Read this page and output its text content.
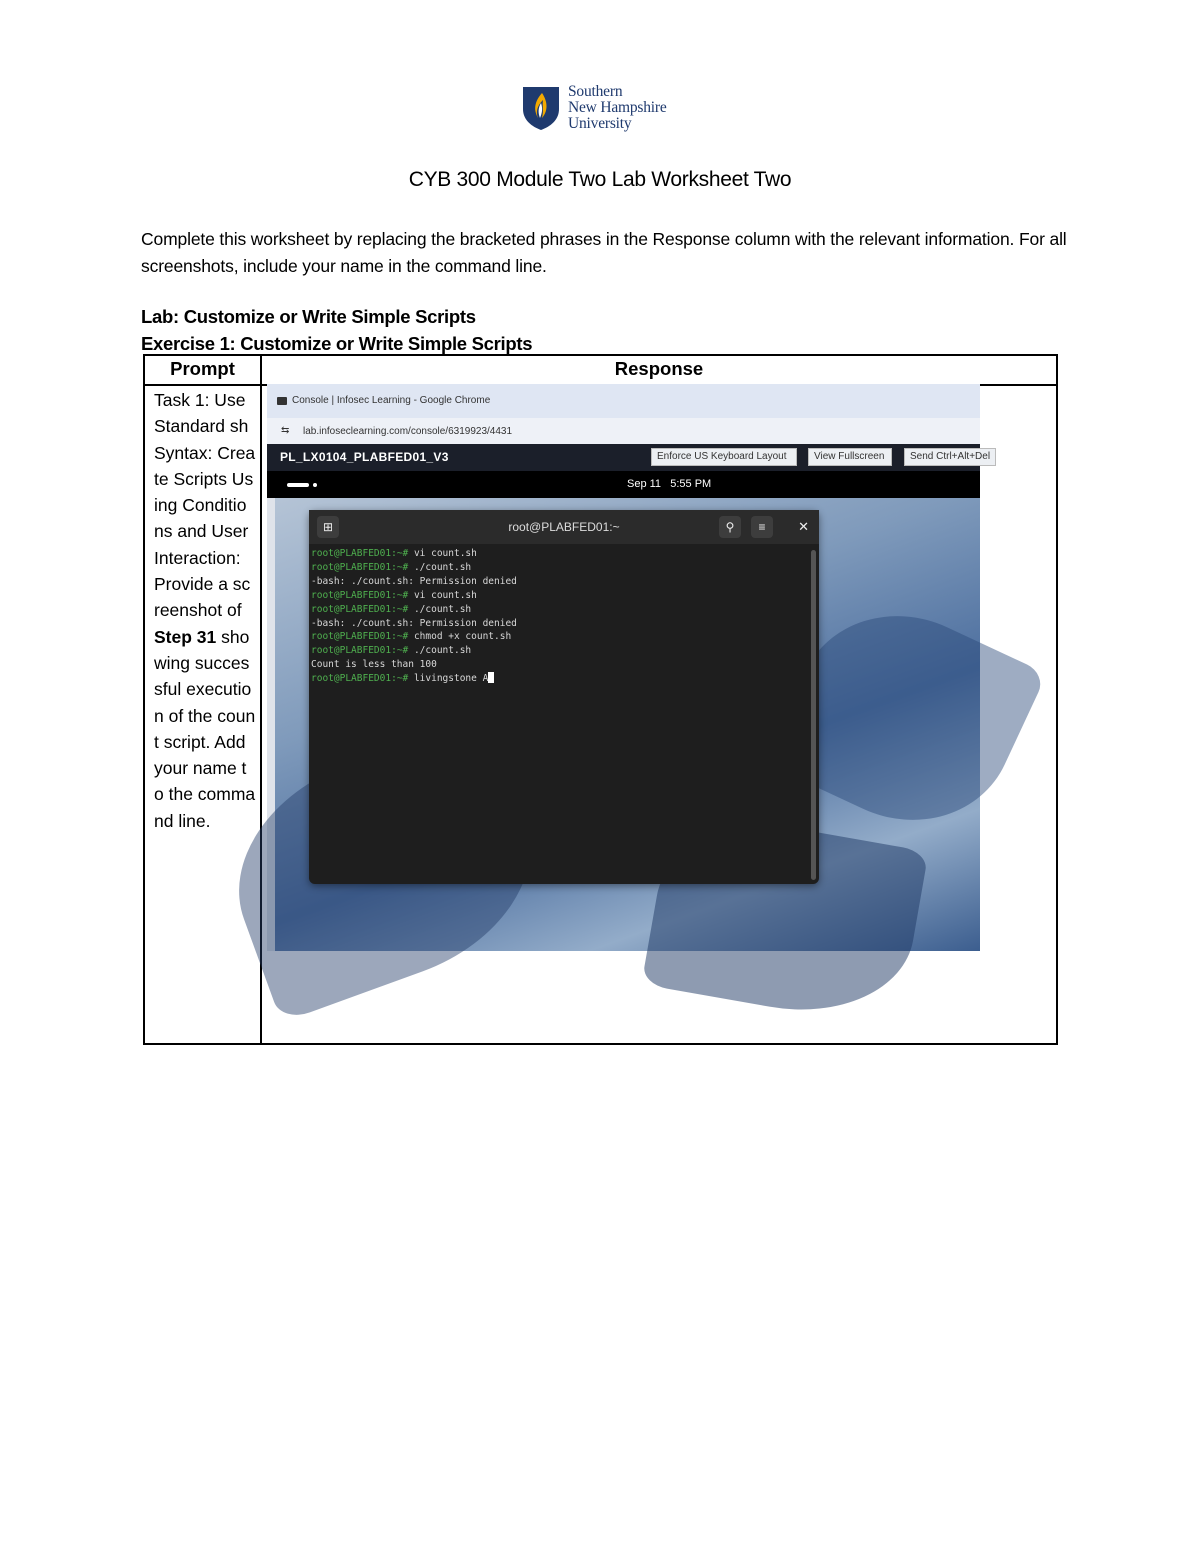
Southern
New Hampshire
University
CYB 300 Module Two Lab Worksheet Two
Complete this worksheet by replacing the bracketed phrases in the Response column with the relevant information. For all screenshots, include your name in the command line.
Lab: Customize or Write Simple Scripts
Exercise 1: Customize or Write Simple Scripts
Prompt	Response
Task 1: Use Standard sh Syntax: Create Scripts Using Conditions and User Interaction: Provide a screenshot of Step 31 showing successful execution of the count script. Add your name to the command line.
Console | Infosec Learning - Google Chrome
⇆ lab.infoseclearning.com/console/6319923/4431
PL_LX0104_PLABFED01_V3	Enforce US Keyboard Layout	View Fullscreen	Send Ctrl+Alt+Del
Sep 11 5:55 PM
⊞	root@PLABFED01:~	⚲	≡	✕
root@PLABFED01:~# vi count.sh
root@PLABFED01:~# ./count.sh
-bash: ./count.sh: Permission denied
root@PLABFED01:~# vi count.sh
root@PLABFED01:~# ./count.sh
-bash: ./count.sh: Permission denied
root@PLABFED01:~# chmod +x count.sh
root@PLABFED01:~# ./count.sh
Count is less than 100
root@PLABFED01:~# livingstone A
